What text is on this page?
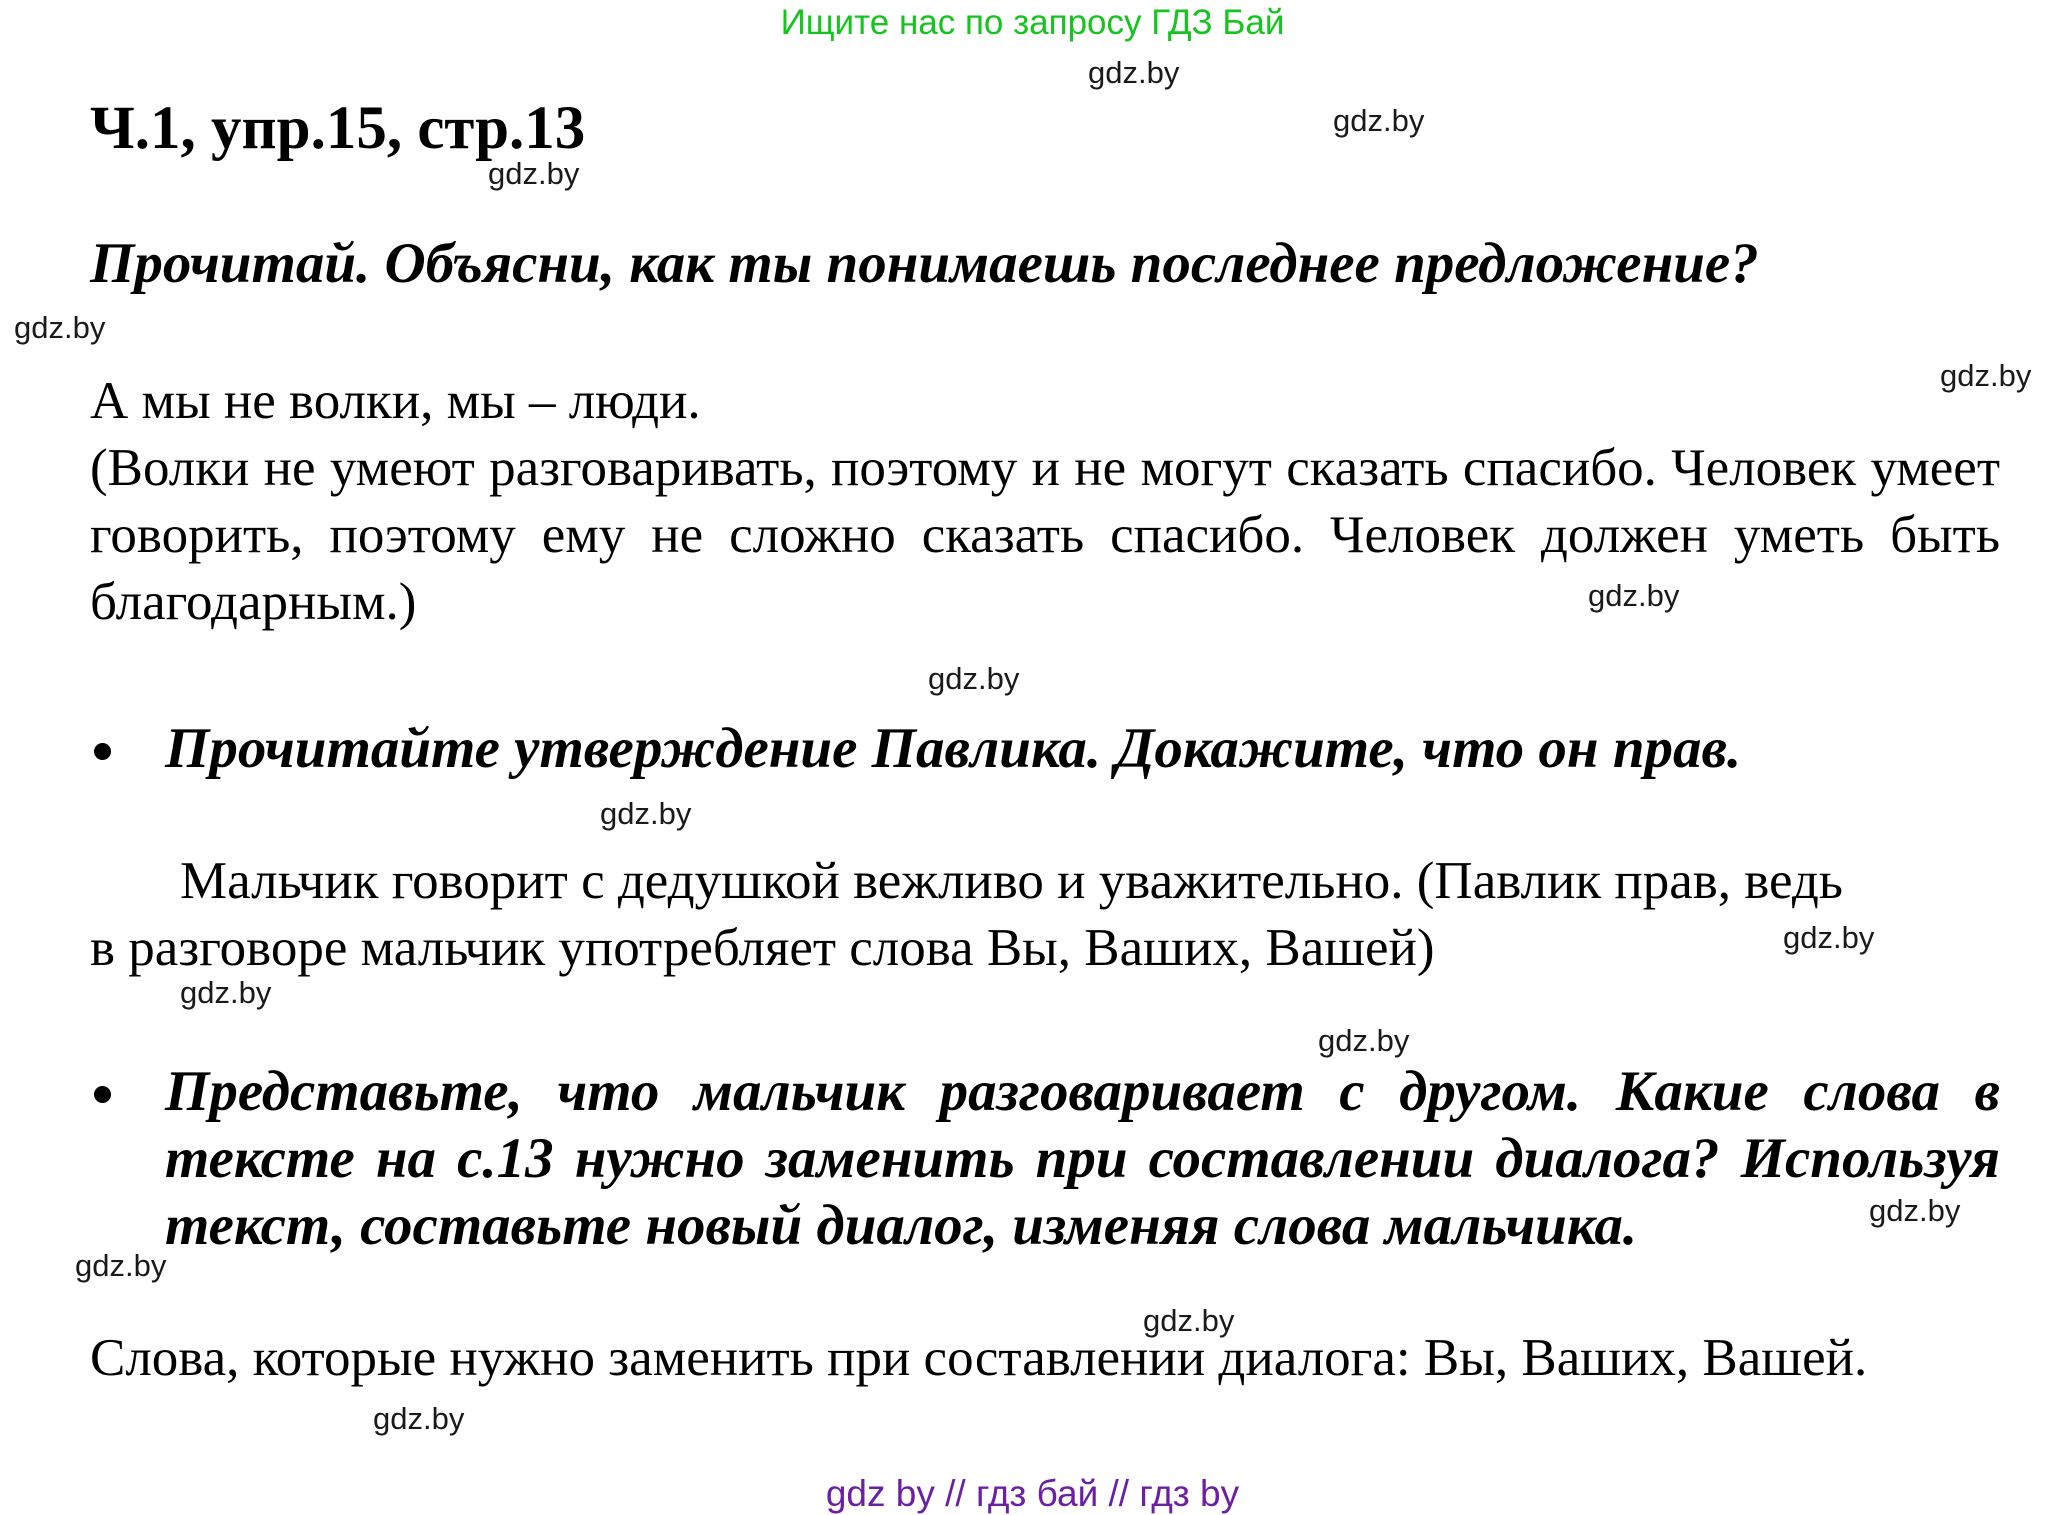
Ищите нас по запросу ГДЗ Бай
Ч.1, упр.15, стр.13
Прочитай. Объясни, как ты понимаешь последнее предложение?
А мы не волки, мы – люди.
(Волки не умеют разговаривать, поэтому и не могут сказать спасибо. Человек умеет говорить, поэтому ему не сложно сказать спасибо. Человек должен уметь быть благодарным.)
Прочитайте утверждение Павлика. Докажите, что он прав.
Мальчик говорит с дедушкой вежливо и уважительно. (Павлик прав, ведь
в разговоре мальчик употребляет слова Вы, Ваших, Вашей)
Представьте, что мальчик разговаривает с другом. Какие слова в тексте на с.13 нужно заменить при составлении диалога? Используя текст, составьте новый диалог, изменяя слова мальчика.
Слова, которые нужно заменить при составлении диалога: Вы, Ваших, Вашей.
gdz by // гдз бай // гдз by
gdz.by
gdz.by
gdz.by
gdz.by
gdz.by
gdz.by
gdz.by
gdz.by
gdz.by
gdz.by
gdz.by
gdz.by
gdz.by
gdz.by
gdz.by
